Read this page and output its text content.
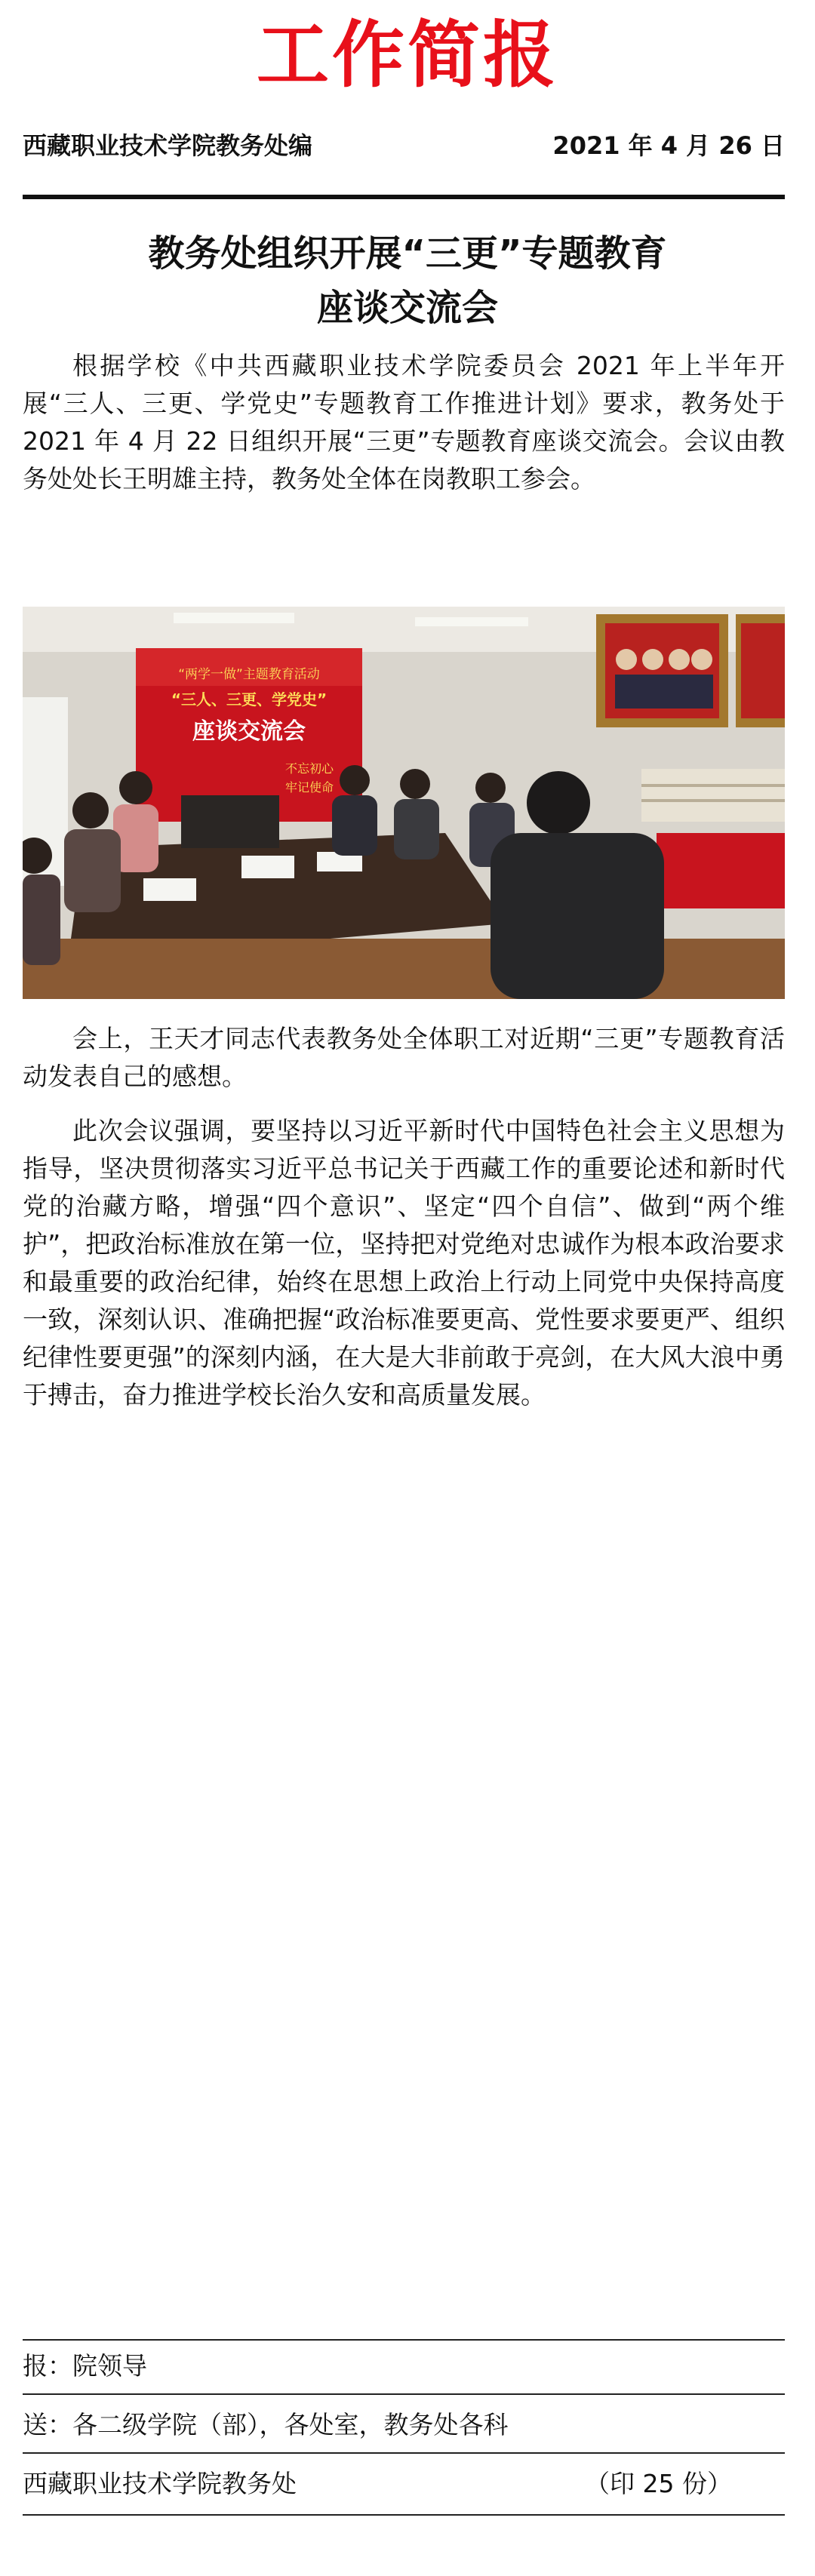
工作简报
西藏职业技术学院教务处编	2021 年 4 月 26 日
教务处组织开展“三更”专题教育
座谈交流会

根据学校《中共西藏职业技术学院委员会 2021 年上半年开展“三人、三更、学党史”专题教育工作推进计划》要求，教务处于 2021 年 4 月 22 日组织开展“三更”专题教育座谈交流会。会议由教务处处长王明雄主持，教务处全体在岗教职工参会。

“两学一做”主题教育活动
“三人、三更、学党史”
座谈交流会
不忘初心
牢记使命

会上，王天才同志代表教务处全体职工对近期“三更”专题教育活动发表自己的感想。

此次会议强调，要坚持以习近平新时代中国特色社会主义思想为指导，坚决贯彻落实习近平总书记关于西藏工作的重要论述和新时代党的治藏方略，增强“四个意识”、坚定“四个自信”、做到“两个维护”，把政治标准放在第一位，坚持把对党绝对忠诚作为根本政治要求和最重要的政治纪律，始终在思想上政治上行动上同党中央保持高度一致，深刻认识、准确把握“政治标准要更高、党性要求要更严、组织纪律性要更强”的深刻内涵，在大是大非前敢于亮剑，在大风大浪中勇于搏击，奋力推进学校长治久安和高质量发展。

报：院领导
送：各二级学院（部），各处室，教务处各科
西藏职业技术学院教务处	（印 25 份）
